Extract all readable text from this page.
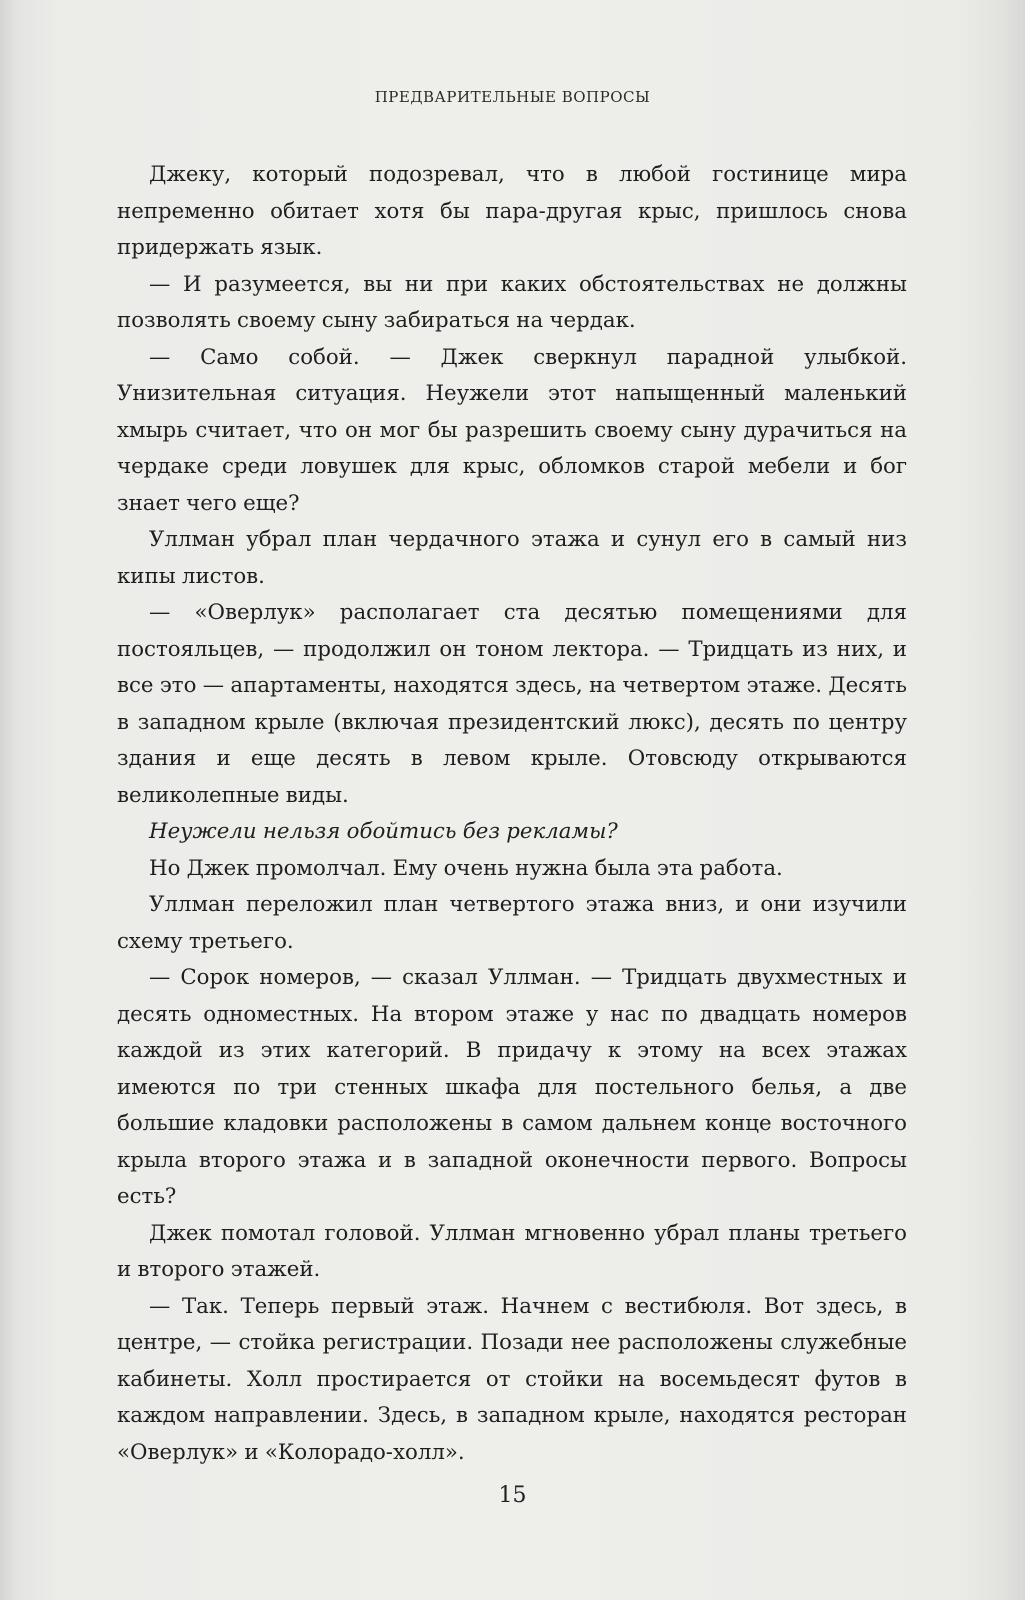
ПРЕДВАРИТЕЛЬНЫЕ ВОПРОСЫ

Джеку, который подозревал, что в любой гостинице мира непременно обитает хотя бы пара-другая крыс, пришлось снова придержать язык.

— И разумеется, вы ни при каких обстоятельствах не должны позволять своему сыну забираться на чердак.

— Само собой. — Джек сверкнул парадной улыбкой. Унизительная ситуация. Неужели этот напыщенный маленький хмырь считает, что он мог бы разрешить своему сыну дурачиться на чердаке среди ловушек для крыс, обломков старой мебели и бог знает чего еще?

Уллман убрал план чердачного этажа и сунул его в самый низ кипы листов.

— «Оверлук» располагает ста десятью помещениями для постояльцев, — продолжил он тоном лектора. — Тридцать из них, и все это — апартаменты, находятся здесь, на четвертом этаже. Десять в западном крыле (включая президентский люкс), десять по центру здания и еще десять в левом крыле. Отовсюду открываются великолепные виды.

Неужели нельзя обойтись без рекламы?

Но Джек промолчал. Ему очень нужна была эта работа.

Уллман переложил план четвертого этажа вниз, и они изучили схему третьего.

— Сорок номеров, — сказал Уллман. — Тридцать двухместных и десять одноместных. На втором этаже у нас по двадцать номеров каждой из этих категорий. В придачу к этому на всех этажах имеются по три стенных шкафа для постельного белья, а две большие кладовки расположены в самом дальнем конце восточного крыла второго этажа и в западной оконечности первого. Вопросы есть?

Джек помотал головой. Уллман мгновенно убрал планы третьего и второго этажей.

— Так. Теперь первый этаж. Начнем с вестибюля. Вот здесь, в центре, — стойка регистрации. Позади нее расположены служебные кабинеты. Холл простирается от стойки на восемьдесят футов в каждом направлении. Здесь, в западном крыле, находятся ресторан «Оверлук» и «Колорадо-холл».

15
